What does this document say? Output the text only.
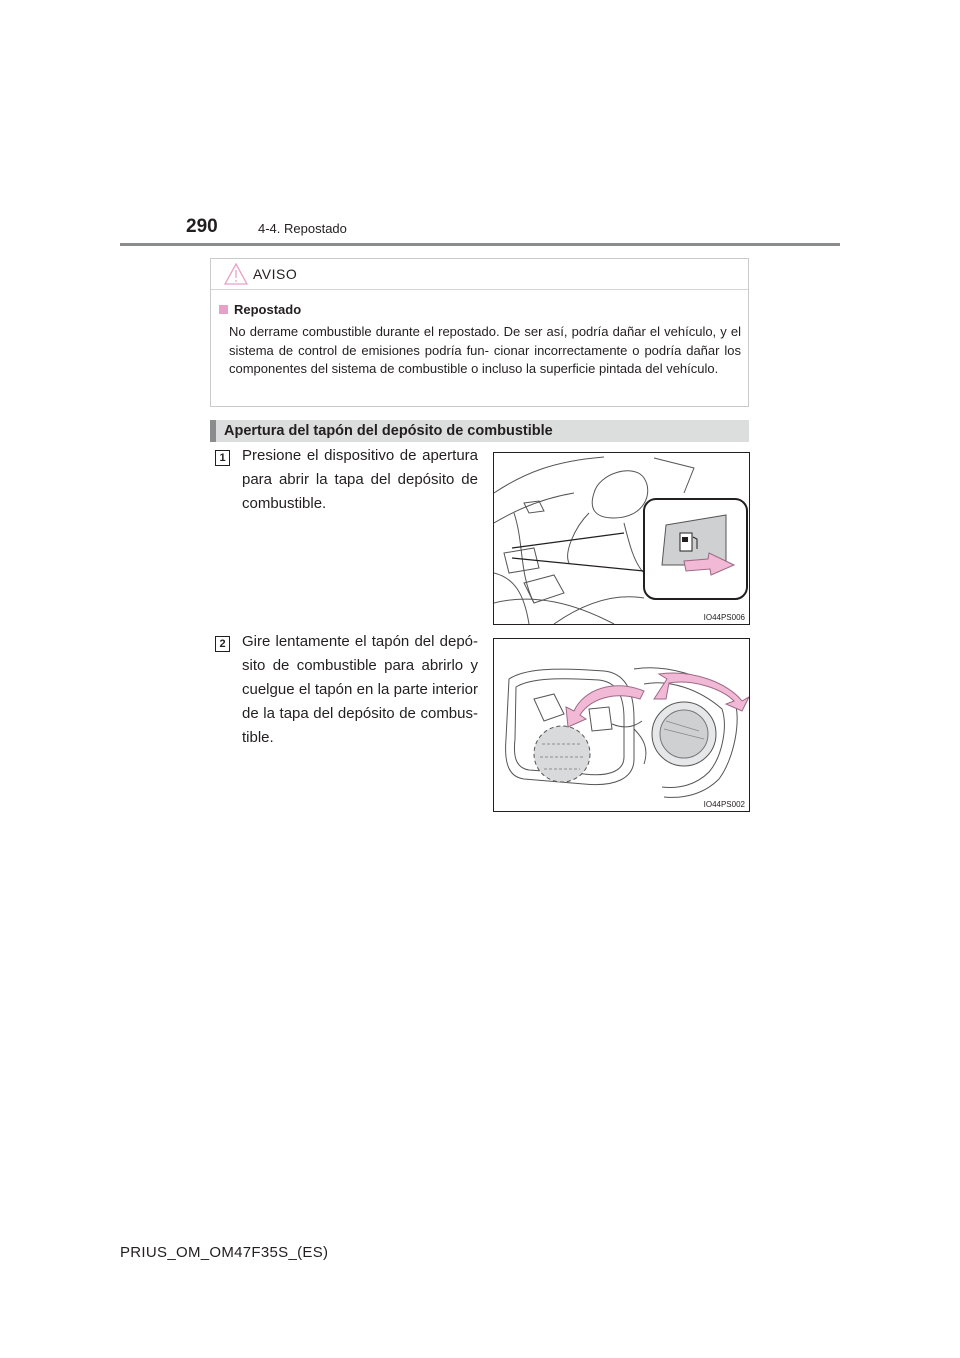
290	4-4. Repostado
AVISO
Repostado
No derrame combustible durante el repostado. De ser así, podría dañar el vehículo, y el sistema de control de emisiones podría fun- cionar incorrectamente o podría dañar los componentes del sistema de combustible o incluso la superficie pintada del vehículo.
Apertura del tapón del depósito de combustible
1 Presione el dispositivo de apertura para abrir la tapa del depósito de combustible.
IO44PS006
2 Gire lentamente el tapón del depó- sito de combustible para abrirlo y cuelgue el tapón en la parte interior de la tapa del depósito de combus- tible.
IO44PS002
PRIUS_OM_OM47F35S_(ES)
